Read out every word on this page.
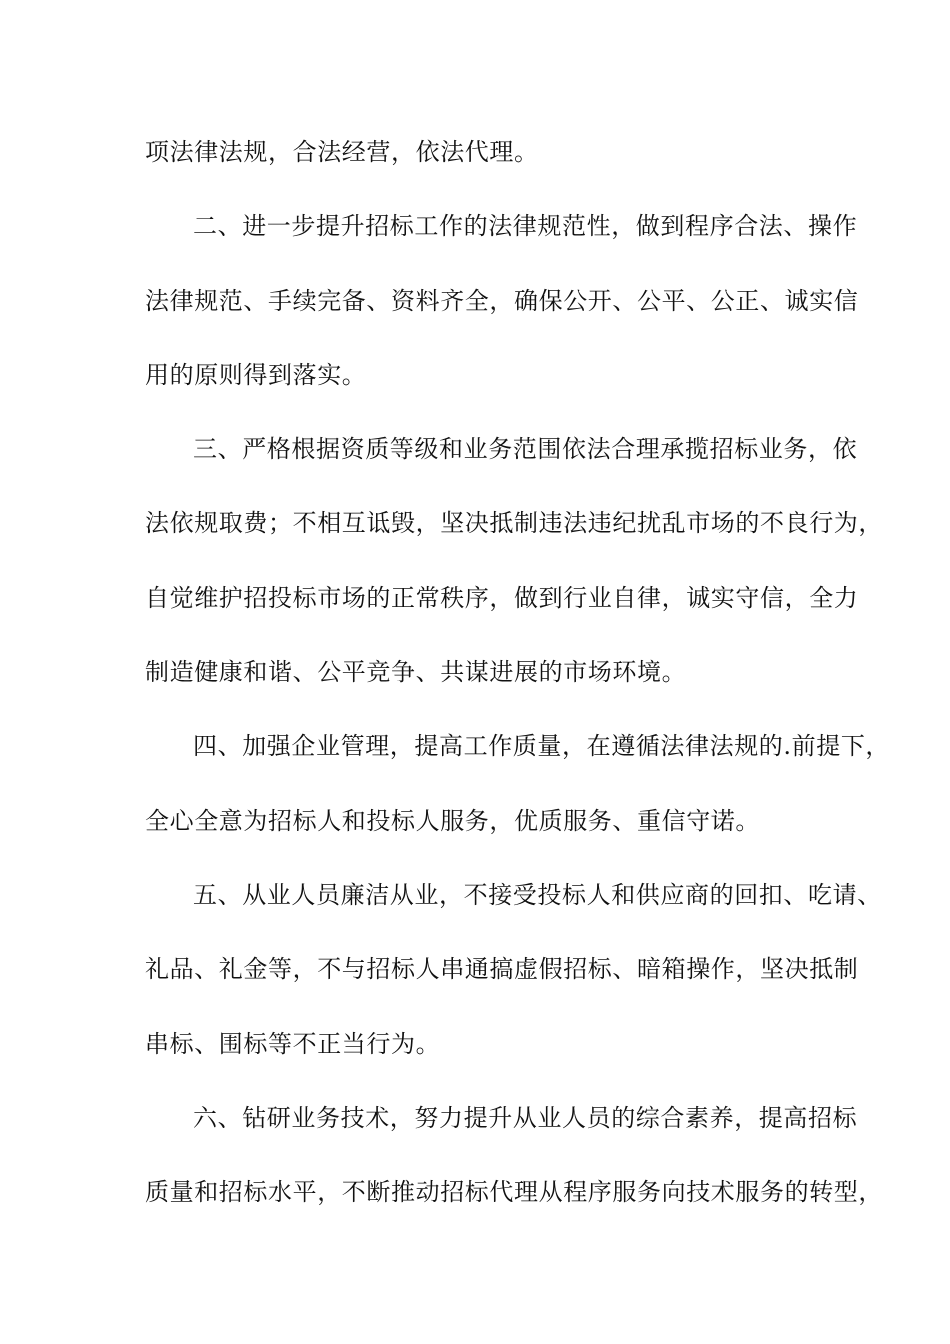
项法律法规，合法经营，依法代理。
二、进一步提升招标工作的法律规范性，做到程序合法、操作
法律规范、手续完备、资料齐全，确保公开、公平、公正、诚实信
用的原则得到落实。
三、严格根据资质等级和业务范围依法合理承揽招标业务，依
法依规取费；不相互诋毁，坚决抵制违法违纪扰乱市场的不良行为，
自觉维护招投标市场的正常秩序，做到行业自律，诚实守信，全力
制造健康和谐、公平竞争、共谋进展的市场环境。
四、加强企业管理，提高工作质量，在遵循法律法规的.前提下，
全心全意为招标人和投标人服务，优质服务、重信守诺。
五、从业人员廉洁从业，不接受投标人和供应商的回扣、吃请、
礼品、礼金等，不与招标人串通搞虚假招标、暗箱操作，坚决抵制
串标、围标等不正当行为。
六、钻研业务技术，努力提升从业人员的综合素养，提高招标
质量和招标水平，不断推动招标代理从程序服务向技术服务的转型，
